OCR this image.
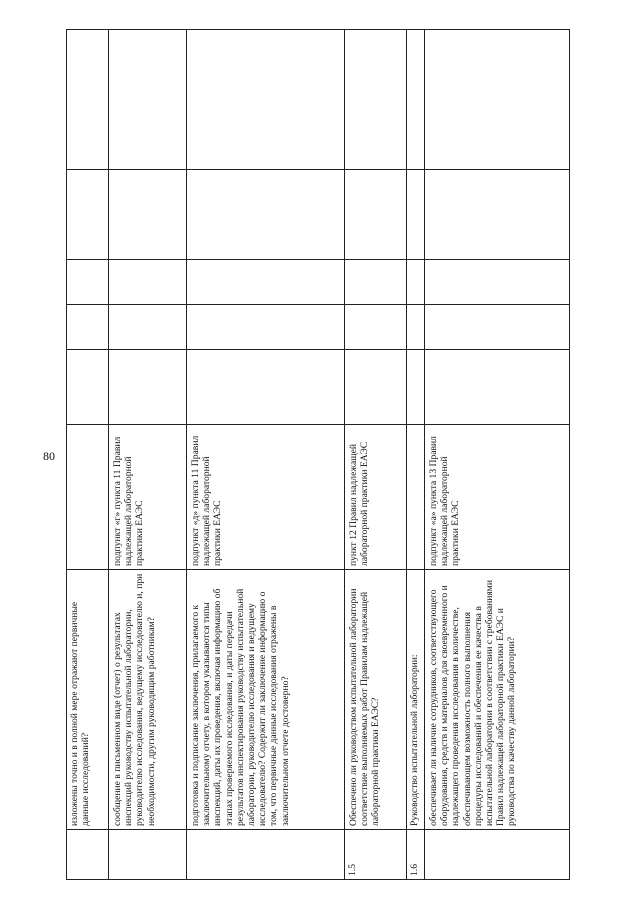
80
	изложены точно и в полной мере отражают первичные данные исследований?						
	сообщение в письменном виде (отчет) о результатах инспекций руководству испытательной лаборатории, руководителю исследования, ведущему исследователю и, при необходимости, другим руководящим работникам?	подпункт «г» пункта 11 Правил надлежащей лабораторной практики ЕАЭС					
	подготовка и подписание заключения, прилагаемого к заключительному отчету, в котором указываются типы инспекций, даты их проведения, включая информацию об этапах проверяемого исследования, и даты передачи результатов инспектирования руководству испытательной лаборатории, руководителю исследования и ведущему исследователю? Содержит ли заключение информацию о том, что первичные данные исследования отражены в заключительном отчете достоверно?	подпункт «д» пункта 11 Правил надлежащей лабораторной практики ЕАЭС					
1.5	Обеспечено ли руководством испытательной лаборатории соответствие выполняемых работ Правилам надлежащей лабораторной практики ЕАЭС?	пункт 12 Правил надлежащей лабораторной практики ЕАЭС					
1.6	Руководство испытательной лаборатории:						
	обеспечивает ли наличие сотрудников, соответствующего оборудования, средств и материалов для своевременного и надлежащего проведения исследования в количестве, обеспечивающем возможность полного выполнения процедуры исследований и обеспечения ее качества в испытательной лаборатории в соответствии с требованиями Правил надлежащей лабораторной практики ЕАЭС и руководства по качеству данной лаборатории?	подпункт «а» пункта 13 Правил надлежащей лабораторной практики ЕАЭС					
